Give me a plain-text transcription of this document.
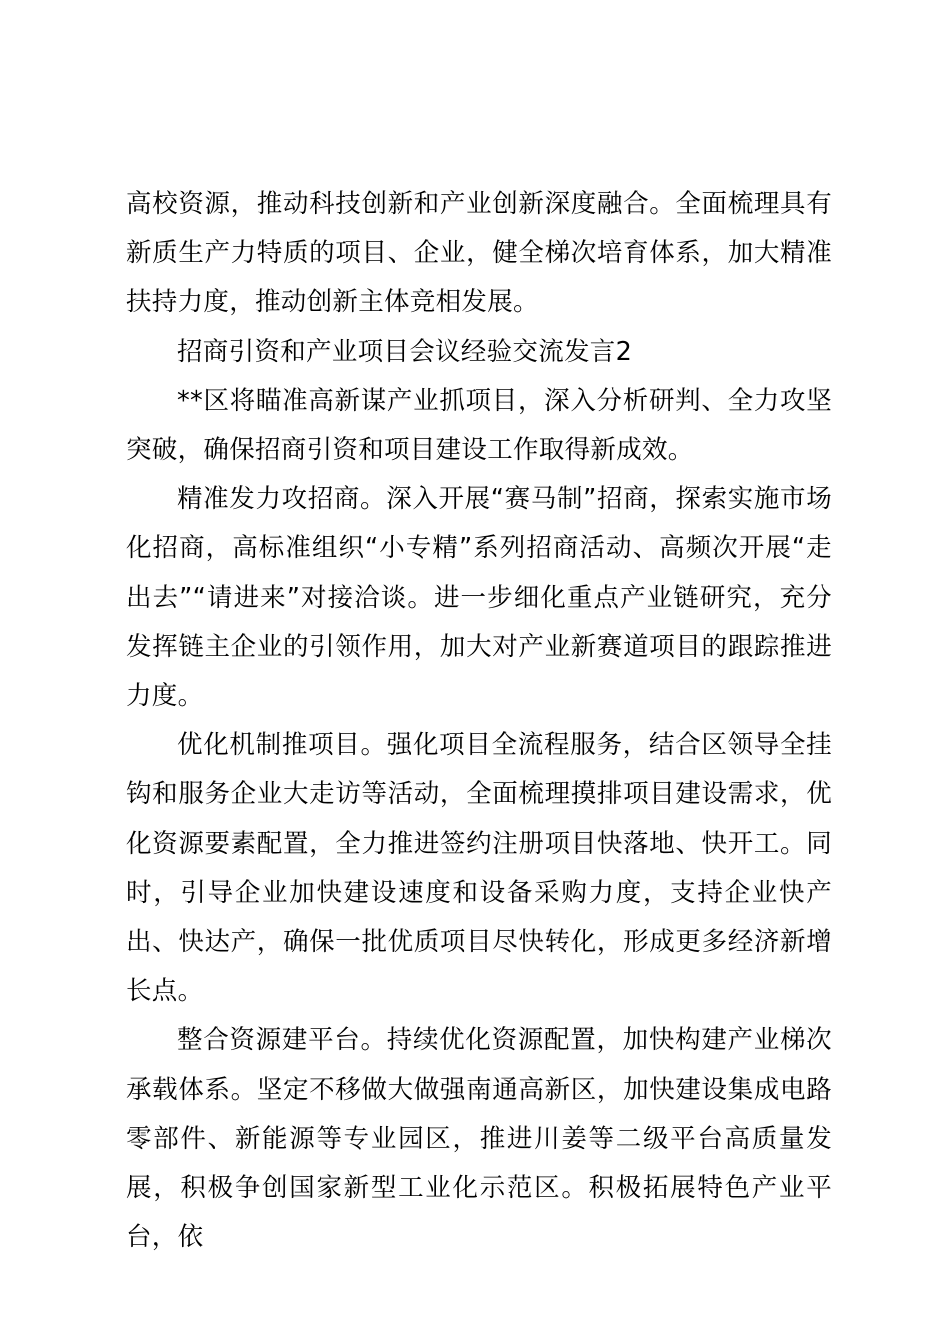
高校资源，推动科技创新和产业创新深度融合。全面梳理具有新质生产力特质的项目、企业，健全梯次培育体系，加大精准扶持力度，推动创新主体竞相发展。

招商引资和产业项目会议经验交流发言2

**区将瞄准高新谋产业抓项目，深入分析研判、全力攻坚突破，确保招商引资和项目建设工作取得新成效。

精准发力攻招商。深入开展“赛马制”招商，探索实施市场化招商，高标准组织“小专精”系列招商活动、高频次开展“走出去”“请进来”对接洽谈。进一步细化重点产业链研究，充分发挥链主企业的引领作用，加大对产业新赛道项目的跟踪推进力度。

优化机制推项目。强化项目全流程服务，结合区领导全挂钩和服务企业大走访等活动，全面梳理摸排项目建设需求，优化资源要素配置，全力推进签约注册项目快落地、快开工。同时，引导企业加快建设速度和设备采购力度，支持企业快产出、快达产，确保一批优质项目尽快转化，形成更多经济新增长点。

整合资源建平台。持续优化资源配置，加快构建产业梯次承载体系。坚定不移做大做强南通高新区，加快建设集成电路零部件、新能源等专业园区，推进川姜等二级平台高质量发展，积极争创国家新型工业化示范区。积极拓展特色产业平台，依
